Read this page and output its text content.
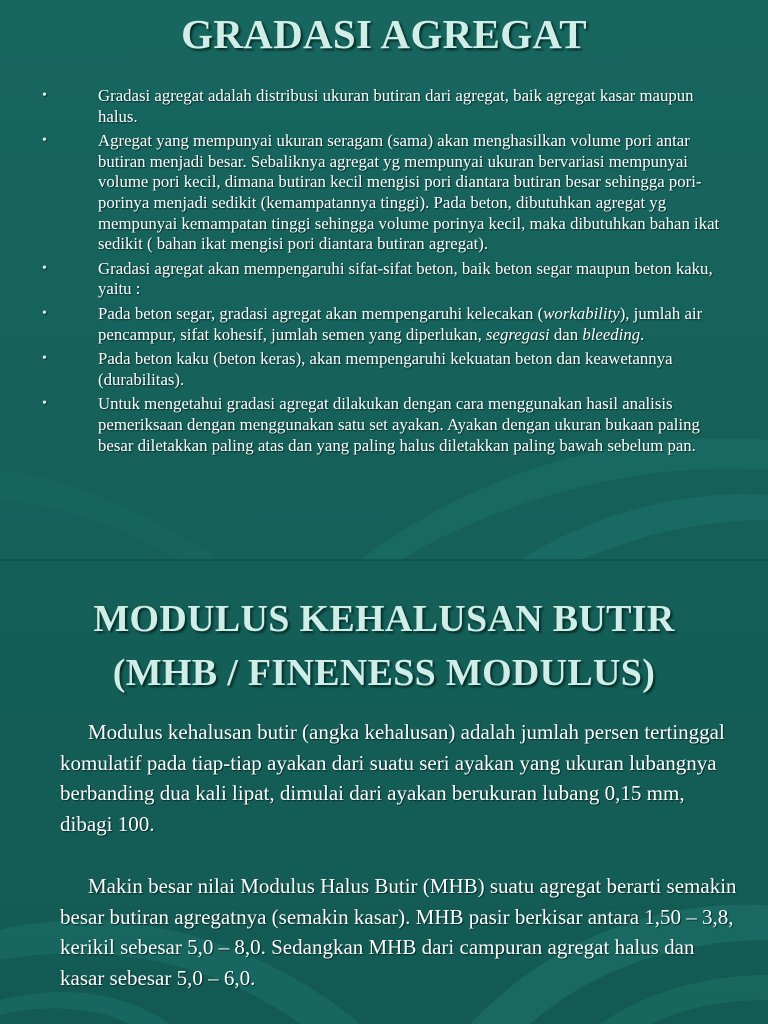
GRADASI AGREGAT
•	Gradasi agregat adalah distribusi ukuran butiran dari agregat, baik agregat kasar maupun halus.
•	Agregat yang mempunyai ukuran seragam (sama) akan menghasilkan volume pori antar butiran menjadi besar. Sebaliknya agregat yg mempunyai ukuran bervariasi mempunyai volume pori kecil, dimana butiran kecil mengisi pori diantara butiran besar sehingga pori-porinya menjadi sedikit (kemampatannya tinggi). Pada beton, dibutuhkan agregat yg mempunyai kemampatan tinggi sehingga volume porinya kecil, maka dibutuhkan bahan ikat sedikit ( bahan ikat mengisi pori diantara butiran agregat).
•	Gradasi agregat akan mempengaruhi sifat-sifat beton, baik beton segar maupun beton kaku, yaitu :
•	Pada beton segar, gradasi agregat akan mempengaruhi kelecakan (workability), jumlah air pencampur, sifat kohesif, jumlah semen yang diperlukan, segregasi dan bleeding.
•	Pada beton kaku (beton keras), akan mempengaruhi kekuatan beton dan keawetannya (durabilitas).
•	Untuk mengetahui gradasi agregat dilakukan dengan cara menggunakan hasil analisis pemeriksaan dengan menggunakan satu set ayakan. Ayakan dengan ukuran bukaan paling besar diletakkan paling atas dan yang paling halus diletakkan paling bawah sebelum pan.
MODULUS KEHALUSAN BUTIR
(MHB / FINENESS MODULUS)

Modulus kehalusan butir (angka kehalusan) adalah jumlah persen tertinggal komulatif pada tiap-tiap ayakan dari suatu seri ayakan yang ukuran lubangnya berbanding dua kali lipat, dimulai dari ayakan berukuran lubang 0,15 mm, dibagi 100.

Makin besar nilai Modulus Halus Butir (MHB) suatu agregat berarti semakin besar butiran agregatnya (semakin kasar). MHB pasir berkisar antara 1,50 – 3,8, kerikil sebesar 5,0 – 8,0. Sedangkan MHB dari campuran agregat halus dan kasar sebesar 5,0 – 6,0.
